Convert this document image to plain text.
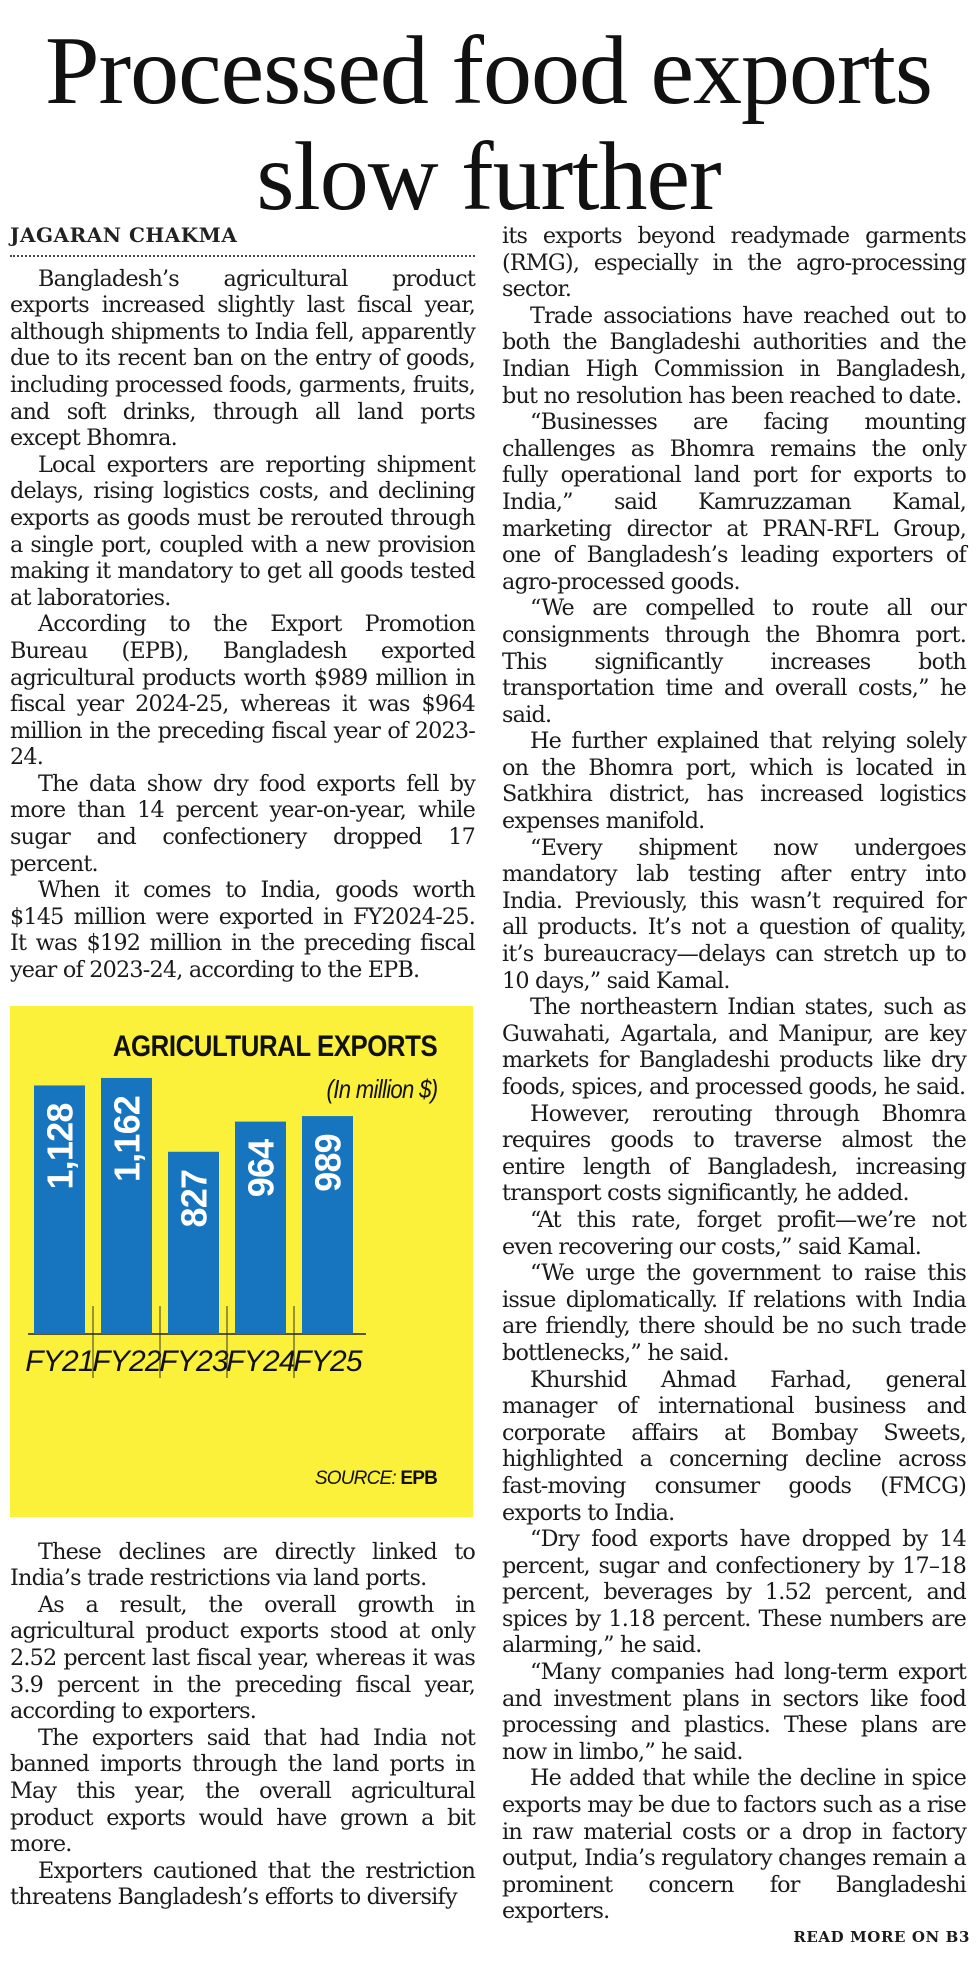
Processed food exports
slow further
JAGARAN CHAKMA

Bangladesh’s agricultural product exports increased slightly last fiscal year, although shipments to India fell, apparently due to its recent ban on the entry of goods, including processed foods, garments, fruits, and soft drinks, through all land ports except Bhomra.

Local exporters are reporting shipment delays, rising logistics costs, and declining exports as goods must be rerouted through a single port, coupled with a new provision making it mandatory to get all goods tested at laboratories.

According to the Export Promotion Bureau (EPB), Bangladesh exported agricultural products worth $989 million in fiscal year 2024-25, whereas it was $964 million in the preceding fiscal year of 2023-24.

The data show dry food exports fell by more than 14 percent year-on-year, while sugar and confectionery dropped 17 percent.

When it comes to India, goods worth $145 million were exported in FY2024-25. It was $192 million in the preceding fiscal year of 2023-24, according to the EPB.

AGRICULTURAL EXPORTS
(In million $)
1,128
FY21
1,162
FY22
827
FY23
964
FY24
989
FY25
SOURCE: EPB

These declines are directly linked to India’s trade restrictions via land ports.

As a result, the overall growth in agricultural product exports stood at only 2.52 percent last fiscal year, whereas it was 3.9 percent in the preceding fiscal year, according to exporters.

The exporters said that had India not banned imports through the land ports in May this year, the overall agricultural product exports would have grown a bit more.

Exporters cautioned that the restriction threatens Bangladesh’s efforts to diversify

its exports beyond readymade garments (RMG), especially in the agro-processing sector.

Trade associations have reached out to both the Bangladeshi authorities and the Indian High Commission in Bangladesh, but no resolution has been reached to date.

“Businesses are facing mounting challenges as Bhomra remains the only fully operational land port for exports to India,” said Kamruzzaman Kamal, marketing director at PRAN-RFL Group, one of Bangladesh’s leading exporters of agro-processed goods.

“We are compelled to route all our consignments through the Bhomra port. This significantly increases both transportation time and overall costs,” he said.

He further explained that relying solely on the Bhomra port, which is located in Satkhira district, has increased logistics expenses manifold.

“Every shipment now undergoes mandatory lab testing after entry into India. Previously, this wasn’t required for all products. It’s not a question of quality, it’s bureaucracy—delays can stretch up to 10 days,” said Kamal.

The northeastern Indian states, such as Guwahati, Agartala, and Manipur, are key markets for Bangladeshi products like dry foods, spices, and processed goods, he said.

However, rerouting through Bhomra requires goods to traverse almost the entire length of Bangladesh, increasing transport costs significantly, he added.

“At this rate, forget profit—we’re not even recovering our costs,” said Kamal.

“We urge the government to raise this issue diplomatically. If relations with India are friendly, there should be no such trade bottlenecks,” he said.

Khurshid Ahmad Farhad, general manager of international business and corporate affairs at Bombay Sweets, highlighted a concerning decline across fast-moving consumer goods (FMCG) exports to India.

“Dry food exports have dropped by 14 percent, sugar and confectionery by 17–18 percent, beverages by 1.52 percent, and spices by 1.18 percent. These numbers are alarming,” he said.

“Many companies had long-term export and investment plans in sectors like food processing and plastics. These plans are now in limbo,” he said.

He added that while the decline in spice exports may be due to factors such as a rise in raw material costs or a drop in factory output, India’s regulatory changes remain a prominent concern for Bangladeshi exporters.

READ MORE ON B3
